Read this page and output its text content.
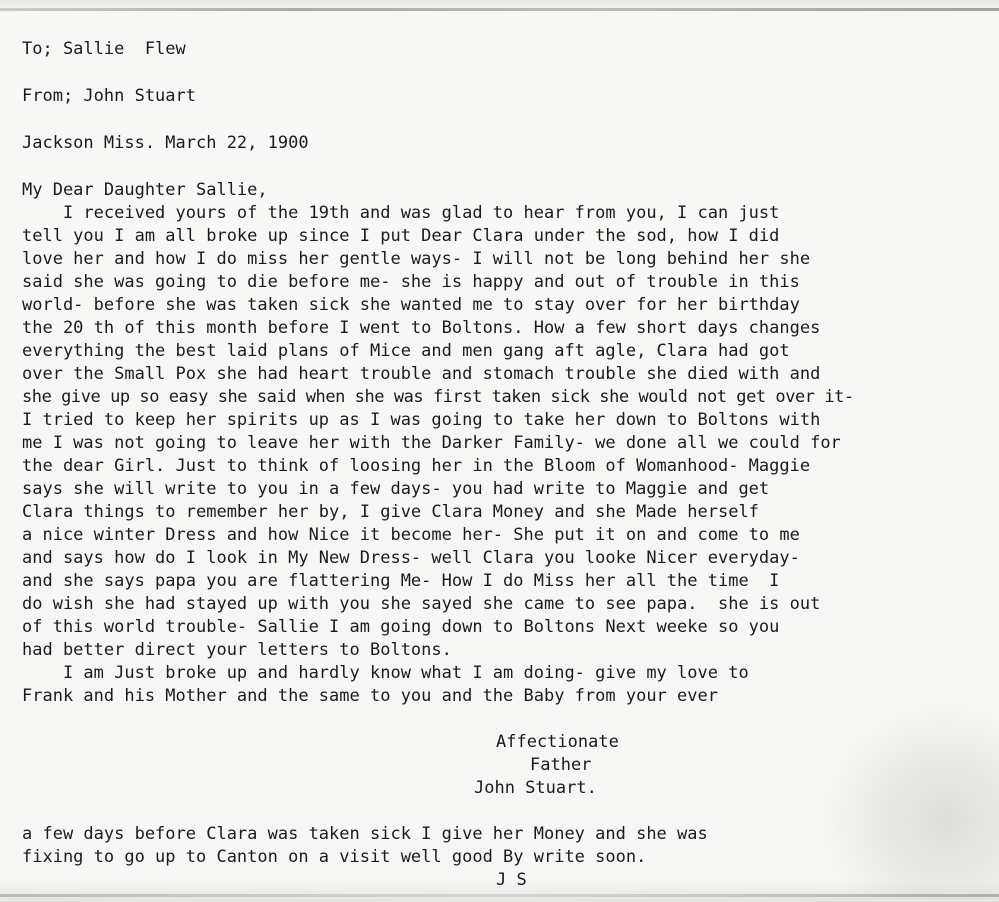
To; Sallie  Flew
From; John Stuart
Jackson Miss. March 22, 1900
My Dear Daughter Sallie,
I received yours of the 19th and was glad to hear from you, I can just
tell you I am all broke up since I put Dear Clara under the sod, how I did
love her and how I do miss her gentle ways- I will not be long behind her she
said she was going to die before me- she is happy and out of trouble in this
world- before she was taken sick she wanted me to stay over for her birthday
the 20 th of this month before I went to Boltons. How a few short days changes
everything the best laid plans of Mice and men gang aft agle, Clara had got
over the Small Pox she had heart trouble and stomach trouble she died with and
she give up so easy she said when she was first taken sick she would not get over it-
I tried to keep her spirits up as I was going to take her down to Boltons with
me I was not going to leave her with the Darker Family- we done all we could for
the dear Girl. Just to think of loosing her in the Bloom of Womanhood- Maggie
says she will write to you in a few days- you had write to Maggie and get
Clara things to remember her by, I give Clara Money and she Made herself
a nice winter Dress and how Nice it become her- She put it on and come to me
and says how do I look in My New Dress- well Clara you looke Nicer everyday-
and she says papa you are flattering Me- How I do Miss her all the time  I
do wish she had stayed up with you she sayed she came to see papa.  she is out
of this world trouble- Sallie I am going down to Boltons Next weeke so you
had better direct your letters to Boltons.
I am Just broke up and hardly know what I am doing- give my love to
Frank and his Mother and the same to you and the Baby from your ever
Affectionate
Father
John Stuart.
a few days before Clara was taken sick I give her Money and she was
fixing to go up to Canton on a visit well good By write soon.
J S
